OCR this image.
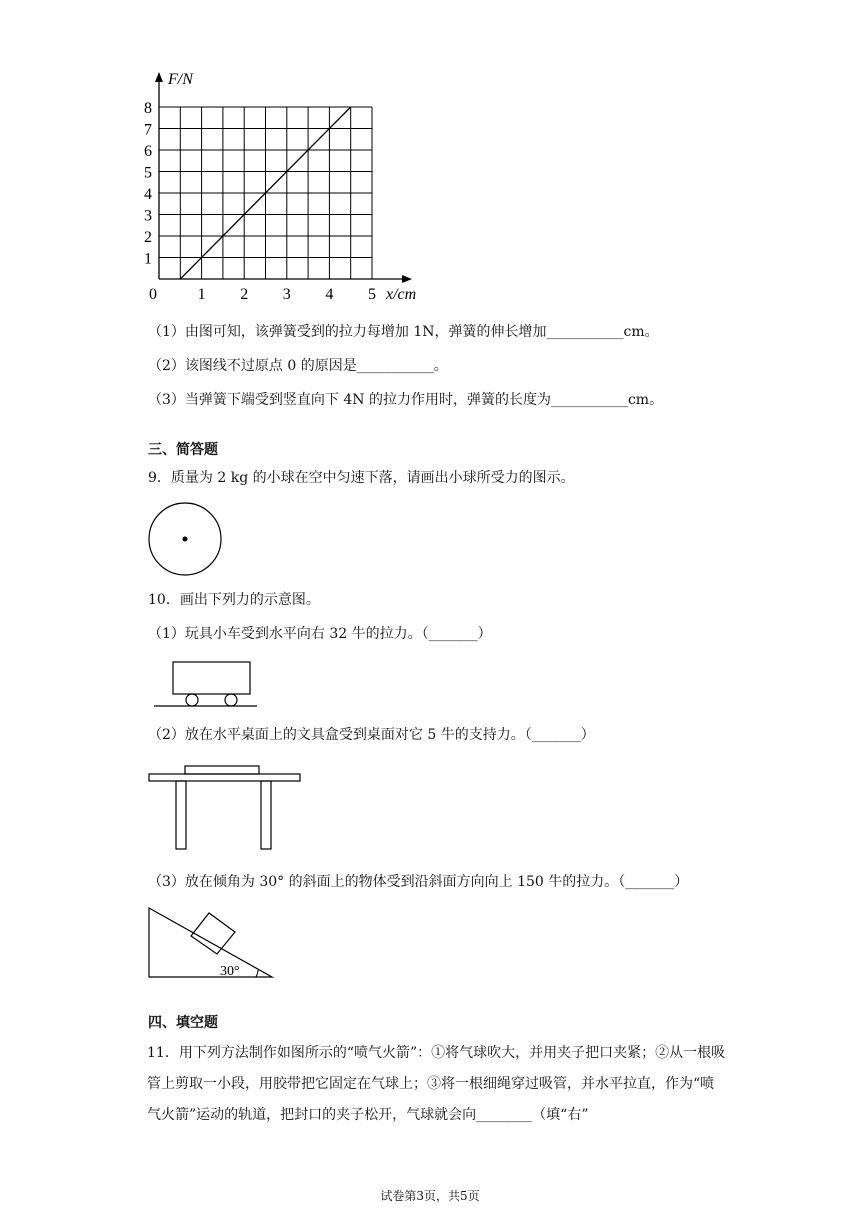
F/N
x/cm
0	1 2 3 4 5
1
2
3
4
5
6
7
8
（1）由图可知，该弹簧受到的拉力每增加 1N，弹簧的伸长增加___________cm。
（2）该图线不过原点 0 的原因是___________。
（3）当弹簧下端受到竖直向下 4N 的拉力作用时，弹簧的长度为___________cm。
三、简答题
9．质量为 2 kg 的小球在空中匀速下落，请画出小球所受力的图示。
10．画出下列力的示意图。
（1）玩具小车受到水平向右 32 牛的拉力。（_______）
（2）放在水平桌面上的文具盒受到桌面对它 5 牛的支持力。（_______）
（3）放在倾角为 30° 的斜面上的物体受到沿斜面方向向上 150 牛的拉力。（_______）
30°
四、填空题
11．用下列方法制作如图所示的“喷气火箭”：①将气球吹大，并用夹子把口夹紧；②从一根吸管上剪取一小段，用胶带把它固定在气球上；③将一根细绳穿过吸管，并水平拉直，作为“喷气火箭”运动的轨道，把封口的夹子松开，气球就会向________（填“右”
试卷第3页，共5页
